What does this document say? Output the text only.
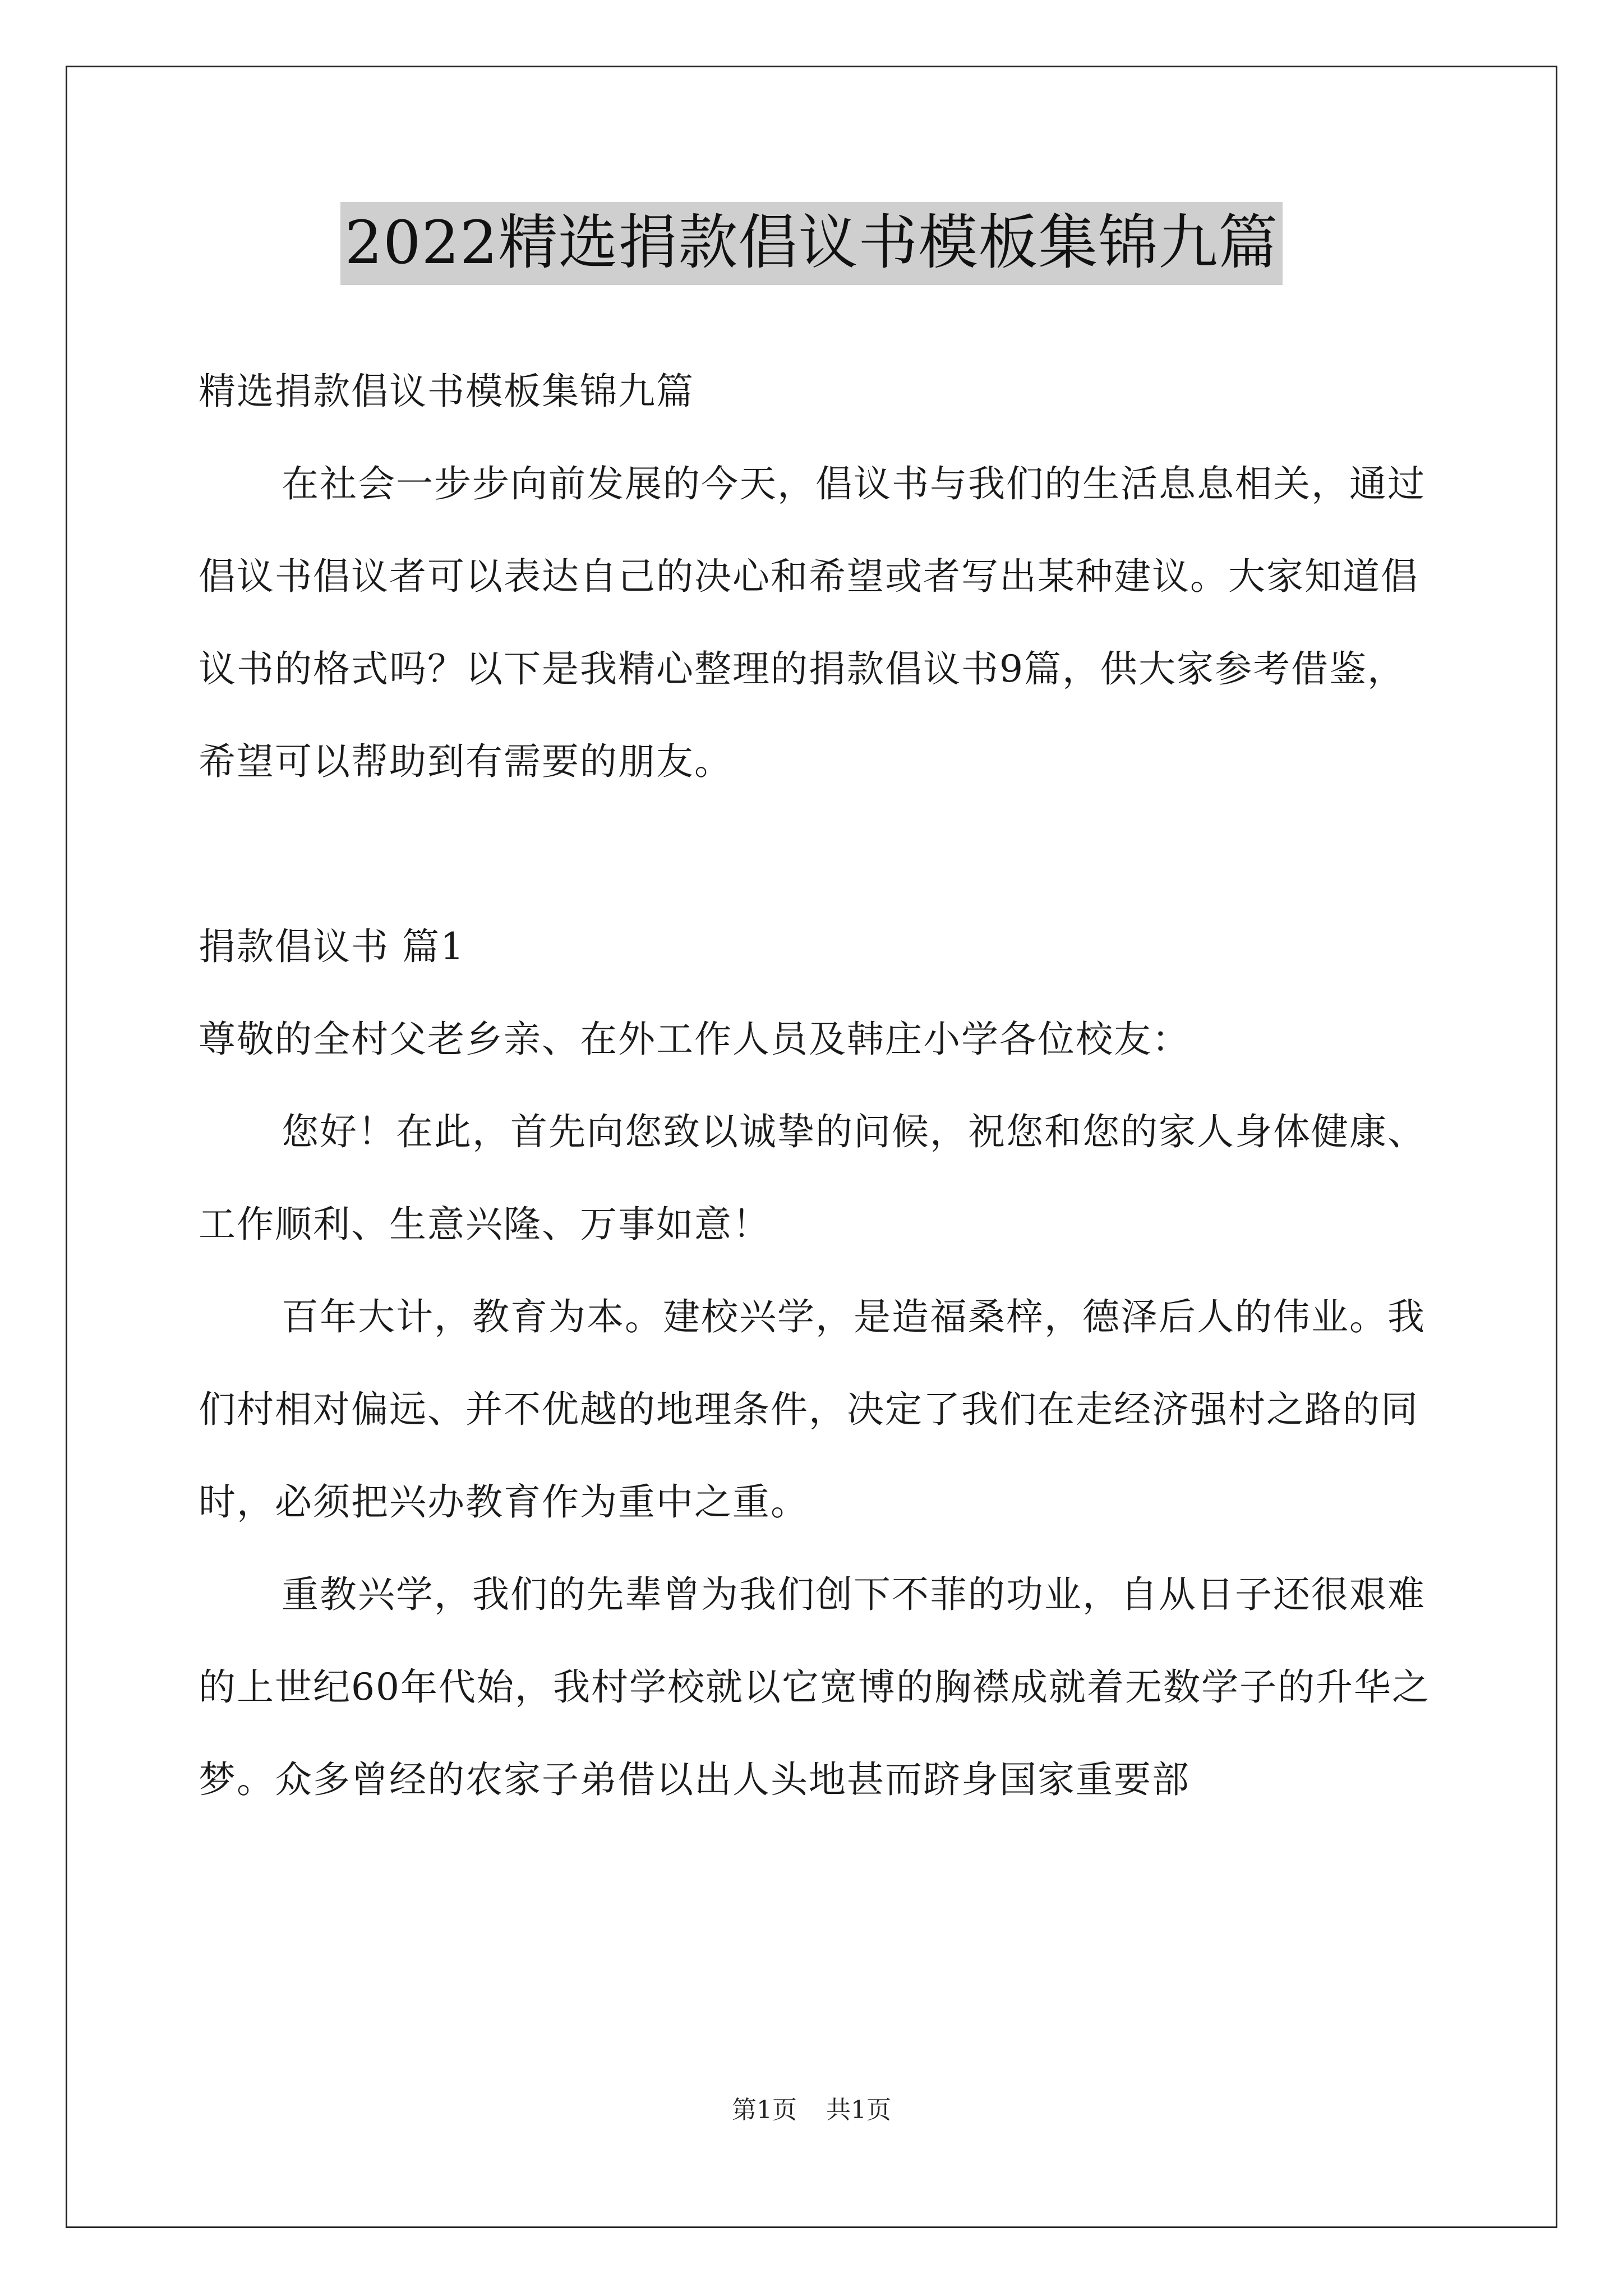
2022精选捐款倡议书模板集锦九篇

精选捐款倡议书模板集锦九篇

在社会一步步向前发展的今天，倡议书与我们的生活息息相关，通过倡议书倡议者可以表达自己的决心和希望或者写出某种建议。大家知道倡议书的格式吗？以下是我精心整理的捐款倡议书9篇，供大家参考借鉴，希望可以帮助到有需要的朋友。

捐款倡议书 篇1

尊敬的全村父老乡亲、在外工作人员及韩庄小学各位校友：

您好！在此，首先向您致以诚挚的问候，祝您和您的家人身体健康、工作顺利、生意兴隆、万事如意！

百年大计，教育为本。建校兴学，是造福桑梓，德泽后人的伟业。我们村相对偏远、并不优越的地理条件，决定了我们在走经济强村之路的同时，必须把兴办教育作为重中之重。

重教兴学，我们的先辈曾为我们创下不菲的功业，自从日子还很艰难的上世纪60年代始，我村学校就以它宽博的胸襟成就着无数学子的升华之梦。众多曾经的农家子弟借以出人头地甚而跻身国家重要部

第1页 共1页
